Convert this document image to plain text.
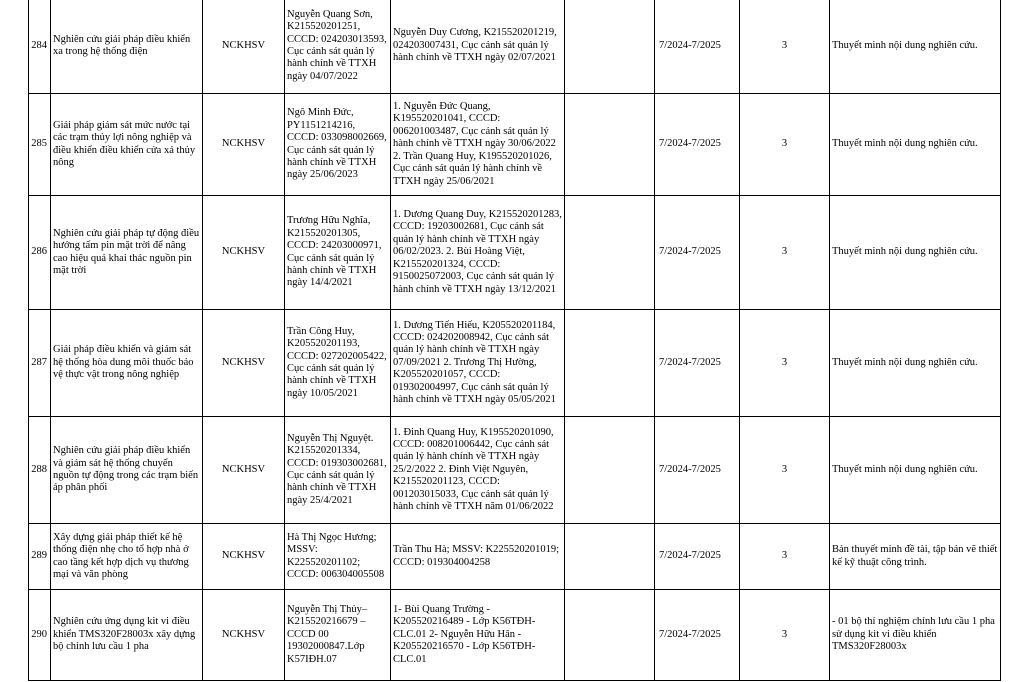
284	Nghiên cứu giải pháp điều khiển xa trong hệ thống điện	NCKHSV	Nguyễn Quang Sơn, K215520201251, CCCD: 024203013593, Cục cảnh sát quản lý hành chính về TTXH ngày 04/07/2022	Nguyễn Duy Cương, K215520201219, 024203007431, Cục cảnh sát quản lý hành chính về TTXH ngày 02/07/2021		7/2024-7/2025	3	Thuyết minh nội dung nghiên cứu.
285	Giải pháp giám sát mức nước tại các trạm thủy lợi nông nghiệp và điều khiển điều khiển cửa xả thủy nông	NCKHSV	Ngô Minh Đức, PY1151214216, CCCD: 033098002669, Cục cảnh sát quản lý hành chính về TTXH ngày 25/06/2023	1. Nguyễn Đức Quang, K195520201041, CCCD: 006201003487, Cục cảnh sát quản lý hành chính về TTXH ngày 30/06/2022 2. Trần Quang Huy, K195520201026, Cục cảnh sát quản lý hành chính về TTXH ngày 25/06/2021		7/2024-7/2025	3	Thuyết minh nội dung nghiên cứu.
286	Nghiên cứu giải pháp tự động điều hướng tấm pin mặt trời để nâng cao hiệu quả khai thác nguồn pin mặt trời	NCKHSV	Trương Hữu Nghĩa, K215520201305, CCCD: 24203000971, Cục cảnh sát quản lý hành chính về TTXH ngày 14/4/2021	1. Dương Quang Duy, K215520201283, CCCD: 19203002681, Cục cảnh sát quản lý hành chính về TTXH ngày 06/02/2023. 2. Bùi Hoàng Việt, K215520201324, CCCD: 9150025072003, Cục cảnh sát quản lý hành chính về TTXH ngày 13/12/2021		7/2024-7/2025	3	Thuyết minh nội dung nghiên cứu.
287	Giải pháp điều khiển và giám sát hệ thống hòa dung môi thuốc bảo vệ thực vật trong nông nghiệp	NCKHSV	Trần Công Huy, K205520201193, CCCD: 027202005422, Cục cảnh sát quản lý hành chính về TTXH ngày 10/05/2021	1. Dương Tiến Hiếu, K205520201184, CCCD: 024202008942, Cục cảnh sát quản lý hành chính về TTXH ngày 07/09/2021 2. Trương Thị Hường, K205520201057, CCCD: 019302004997, Cục cảnh sát quản lý hành chính về TTXH ngày 05/05/2021		7/2024-7/2025	3	Thuyết minh nội dung nghiên cứu.
288	Nghiên cứu giải pháp điều khiển và giám sát hệ thống chuyển nguồn tự động trong các trạm biến áp phân phối	NCKHSV	Nguyễn Thị Nguyệt. K215520201334, CCCD: 019303002681, Cục cảnh sát quản lý hành chính về TTXH ngày 25/4/2021	1. Đinh Quang Huy, K195520201090, CCCD: 008201006442, Cục cảnh sát quản lý hành chính về TTXH ngày 25/2/2022 2. Đinh Việt Nguyên, K215520201123, CCCD: 001203015033, Cục cảnh sát quản lý hành chính về TTXH năm 01/06/2022		7/2024-7/2025	3	Thuyết minh nội dung nghiên cứu.
289	Xây dựng giải pháp thiết kế hệ thống điện nhẹ cho tổ hợp nhà ở cao tầng kết hợp dịch vụ thương mại và văn phòng	NCKHSV	Hà Thị Ngọc Hương; MSSV: K225520201102; CCCD: 006304005508	Trần Thu Hà; MSSV: K225520201019; CCCD: 019304004258		7/2024-7/2025	3	Bản thuyết minh đề tài, tập bản vẽ thiết kế kỹ thuật công trình.
290	Nghiên cứu ứng dụng kit vi điều khiển TMS320F28003x xây dựng bộ chỉnh lưu cầu 1 pha	NCKHSV	Nguyễn Thị Thủy– K215520216679 – CCCD 00 19302000847.Lớp K57IĐH.07	1- Bùi Quang Trường - K205520216489 - Lớp K56TĐH-CLC.01 2- Nguyễn Hữu Hân - K205520216570 - Lớp K56TĐH-CLC.01		7/2024-7/2025	3	- 01 bộ thí nghiệm chỉnh lưu cầu 1 pha sử dụng kit vi điều khiển TMS320F28003x
